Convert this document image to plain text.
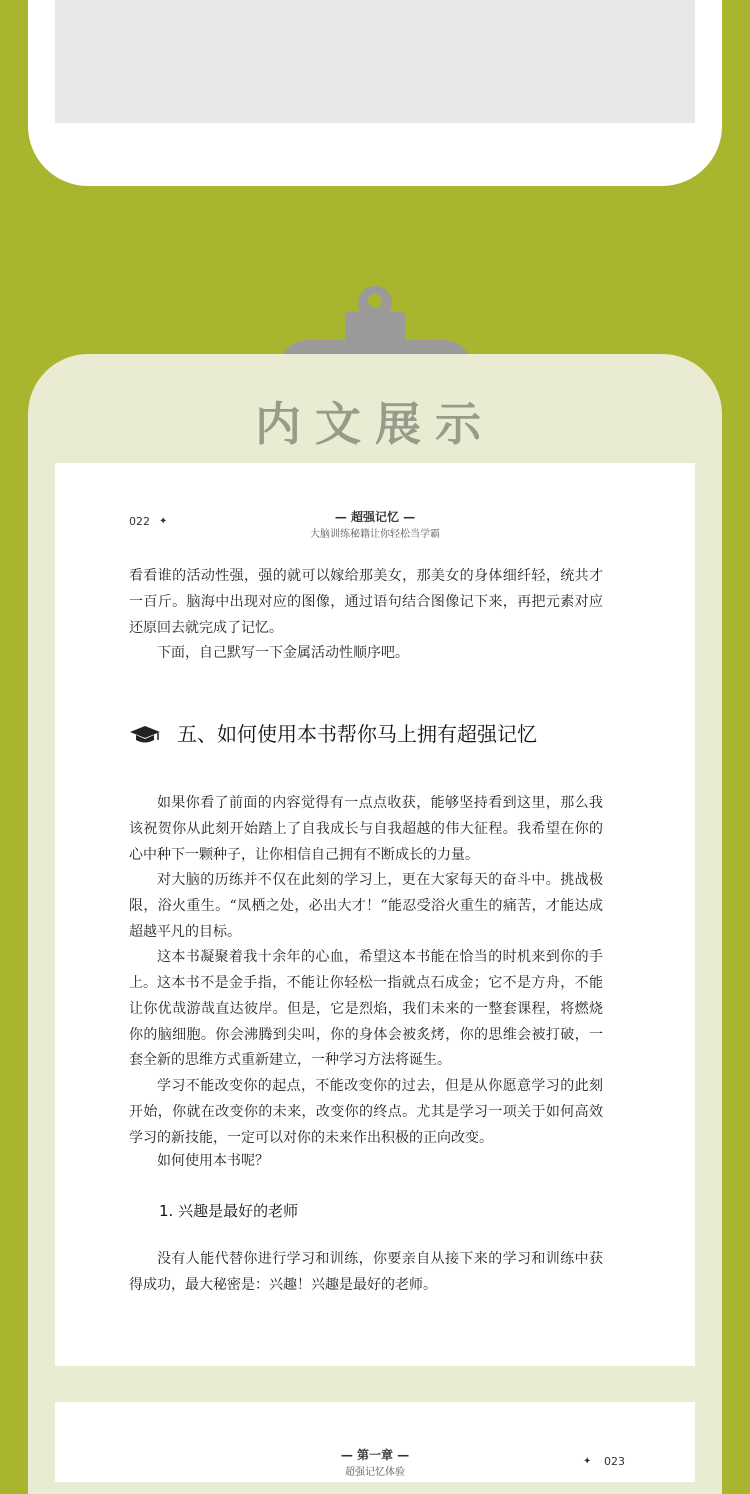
内文展示
022 ✦	— 超强记忆 —
大脑训练秘籍让你轻松当学霸

看看谁的活动性强，强的就可以嫁给那美女，那美女的身体细纤轻，统共才一百斤。脑海中出现对应的图像，通过语句结合图像记下来，再把元素对应还原回去就完成了记忆。

下面，自己默写一下金属活动性顺序吧。

五、如何使用本书帮你马上拥有超强记忆

如果你看了前面的内容觉得有一点点收获，能够坚持看到这里，那么我该祝贺你从此刻开始踏上了自我成长与自我超越的伟大征程。我希望在你的心中种下一颗种子，让你相信自己拥有不断成长的力量。

对大脑的历练并不仅在此刻的学习上，更在大家每天的奋斗中。挑战极限，浴火重生。“凤栖之处，必出大才！”能忍受浴火重生的痛苦，才能达成超越平凡的目标。

这本书凝聚着我十余年的心血，希望这本书能在恰当的时机来到你的手上。 这本书不是金手指，不能让你轻松一指就点石成金；它不是方舟，不能让你优哉游哉直达彼岸。但是，它是烈焰，我们未来的一整套课程，将燃烧你的脑细胞。你会沸腾到尖叫，你的身体会被炙烤，你的思维会被打破，一套全新的思维方式重新建立，一种学习方法将诞生。

学习不能改变你的起点，不能改变你的过去，但是从你愿意学习的此刻开始，你就在改变你的未来，改变你的终点。尤其是学习一项关于如何高效学习的新技能，一定可以对你的未来作出积极的正向改变。

如何使用本书呢？

1. 兴趣是最好的老师

没有人能代替你进行学习和训练，你要亲自从接下来的学习和训练中获得成功，最大秘密是：兴趣！兴趣是最好的老师。

— 第一章 —
超强记忆体验
✦ 023
